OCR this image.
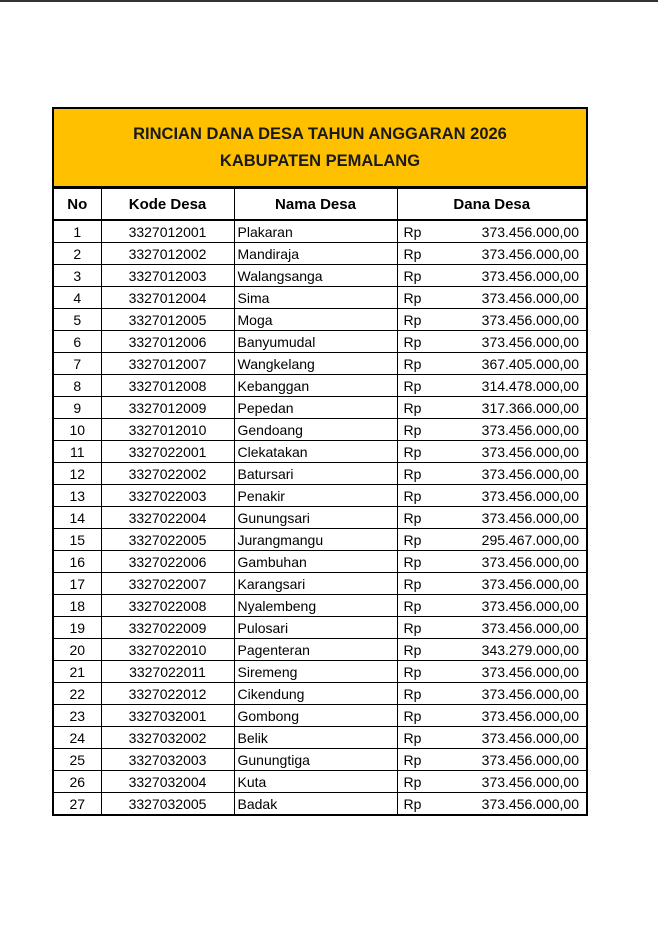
RINCIAN DANA DESA TAHUN ANGGARAN 2026
KABUPATEN PEMALANG
No	Kode Desa	Nama Desa	Dana Desa	
1	3327012001	Plakaran	Rp	373.456.000,00
2	3327012002	Mandiraja	Rp	373.456.000,00
3	3327012003	Walangsanga	Rp	373.456.000,00
4	3327012004	Sima	Rp	373.456.000,00
5	3327012005	Moga	Rp	373.456.000,00
6	3327012006	Banyumudal	Rp	373.456.000,00
7	3327012007	Wangkelang	Rp	367.405.000,00
8	3327012008	Kebanggan	Rp	314.478.000,00
9	3327012009	Pepedan	Rp	317.366.000,00
10	3327012010	Gendoang	Rp	373.456.000,00
11	3327022001	Clekatakan	Rp	373.456.000,00
12	3327022002	Batursari	Rp	373.456.000,00
13	3327022003	Penakir	Rp	373.456.000,00
14	3327022004	Gunungsari	Rp	373.456.000,00
15	3327022005	Jurangmangu	Rp	295.467.000,00
16	3327022006	Gambuhan	Rp	373.456.000,00
17	3327022007	Karangsari	Rp	373.456.000,00
18	3327022008	Nyalembeng	Rp	373.456.000,00
19	3327022009	Pulosari	Rp	373.456.000,00
20	3327022010	Pagenteran	Rp	343.279.000,00
21	3327022011	Siremeng	Rp	373.456.000,00
22	3327022012	Cikendung	Rp	373.456.000,00
23	3327032001	Gombong	Rp	373.456.000,00
24	3327032002	Belik	Rp	373.456.000,00
25	3327032003	Gunungtiga	Rp	373.456.000,00
26	3327032004	Kuta	Rp	373.456.000,00
27	3327032005	Badak	Rp	373.456.000,00
